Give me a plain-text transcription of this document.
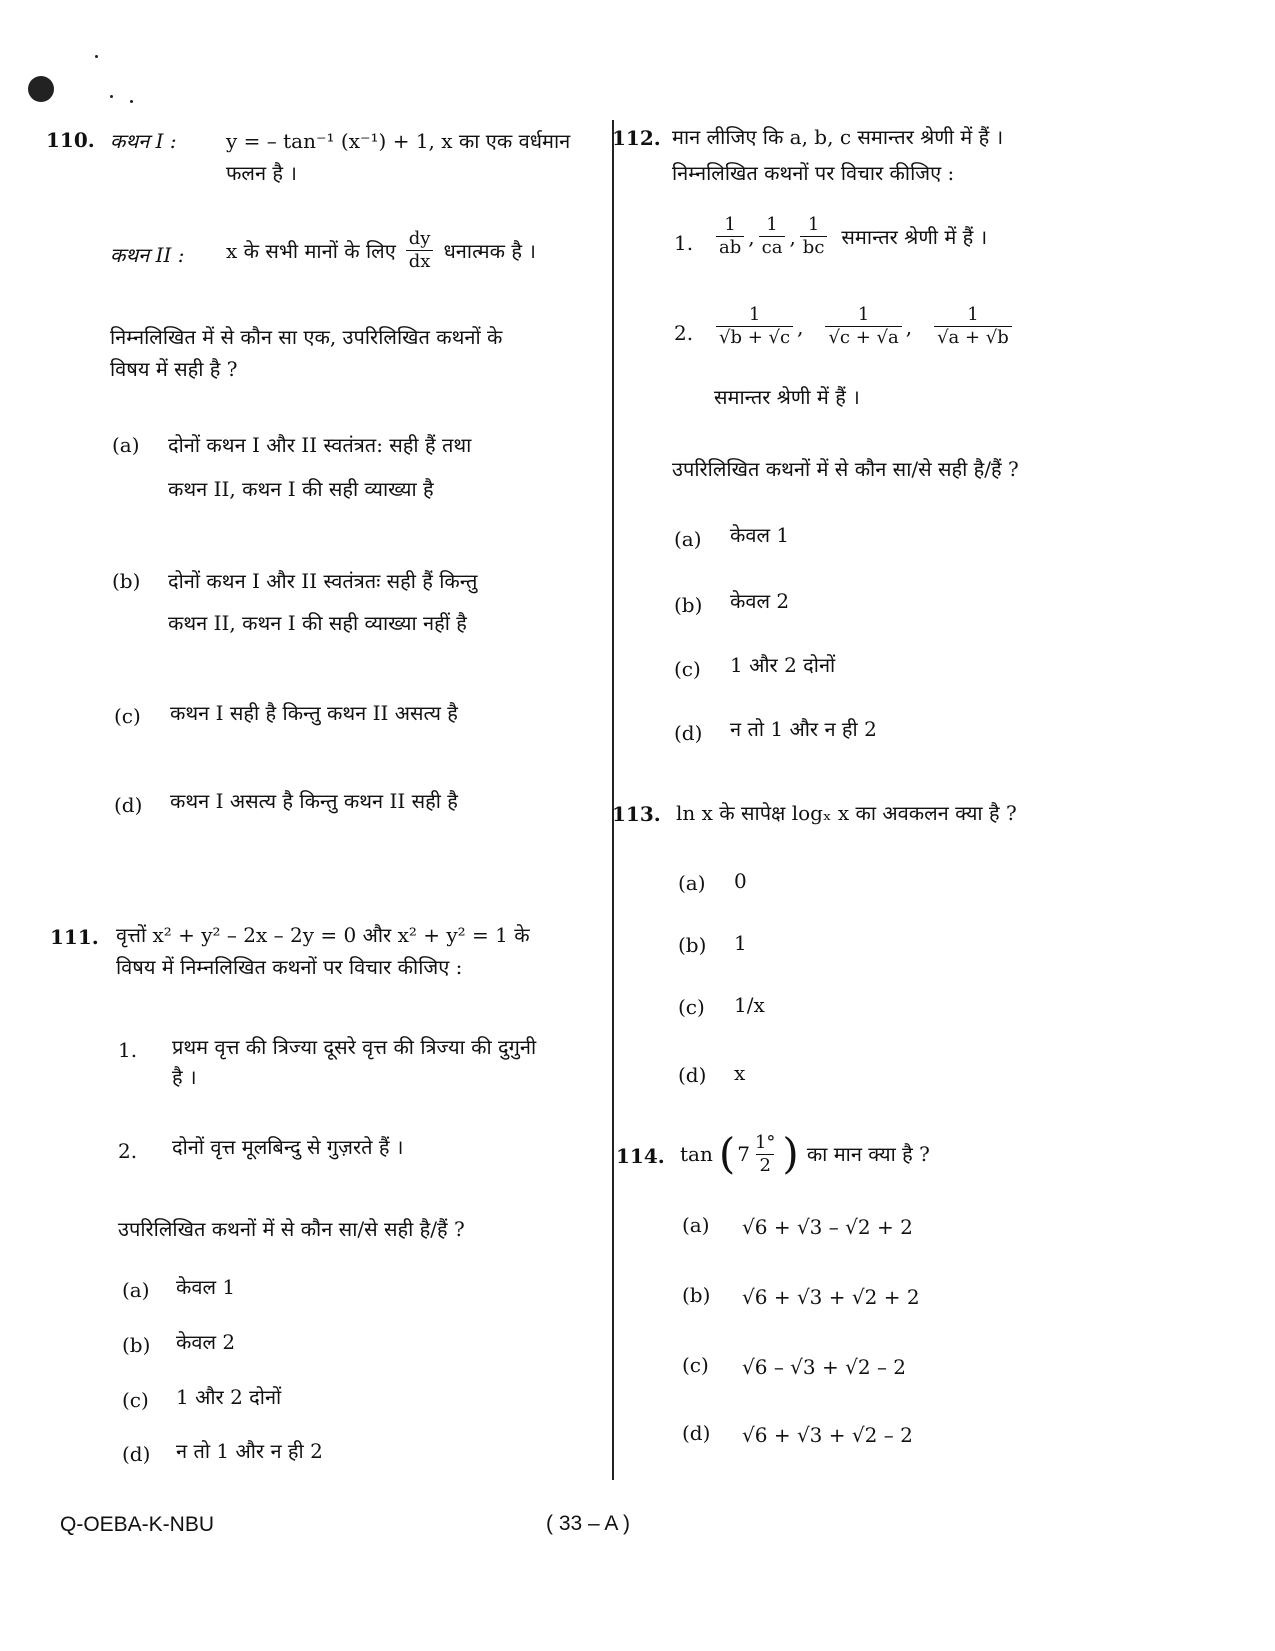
110. कथन I : y = – tan⁻¹ (x⁻¹) + 1, x का एक वर्धमान
फलन है ।
कथन II : x के सभी मानों के लिए $\frac{dy}{dx}$ धनात्मक है ।
निम्नलिखित में से कौन सा एक, उपरिलिखित कथनों के
विषय में सही है ?
(a) दोनों कथन I और II स्वतंत्रत: सही हैं तथा
कथन II, कथन I की सही व्याख्या है
(b) दोनों कथन I और II स्वतंत्रतः सही हैं किन्तु
कथन II, कथन I की सही व्याख्या नहीं है
(c) कथन I सही है किन्तु कथन II असत्य है
(d) कथन I असत्य है किन्तु कथन II सही है
111. वृत्तों x² + y² – 2x – 2y = 0 और x² + y² = 1 के
विषय में निम्नलिखित कथनों पर विचार कीजिए :
1. प्रथम वृत्त की त्रिज्या दूसरे वृत्त की त्रिज्या की दुगुनी
है ।
2. दोनों वृत्त मूलबिन्दु से गुज़रते हैं ।
उपरिलिखित कथनों में से कौन सा/से सही है/हैं ?
(a) केवल 1
(b) केवल 2
(c) 1 और 2 दोनों
(d) न तो 1 और न ही 2
112. मान लीजिए कि a, b, c समान्तर श्रेणी में हैं ।
निम्नलिखित कथनों पर विचार कीजिए :
1. $\frac{1}{ab}$ , $\frac{1}{ca}$ , $\frac{1}{bc}$ समान्तर श्रेणी में हैं ।
2. $\frac{1}{√b + √c}$ , $\frac{1}{√c + √a}$ , $\frac{1}{√a + √b}$
समान्तर श्रेणी में हैं ।
उपरिलिखित कथनों में से कौन सा/से सही है/हैं ?
(a) केवल 1
(b) केवल 2
(c) 1 और 2 दोनों
(d) न तो 1 और न ही 2
113. ln x के सापेक्ष logₓ x का अवकलन क्या है ?
(a) 0
(b) 1
(c) 1/x
(d) x
114. tan ( $7 \frac{1^\circ}{2}$ ) का मान क्या है ?
(a) √6 + √3 – √2 + 2
(b) √6 + √3 + √2 + 2
(c) √6 – √3 + √2 – 2
(d) √6 + √3 + √2 – 2
Q-OEBA-K-NBU	( 33 – A )
